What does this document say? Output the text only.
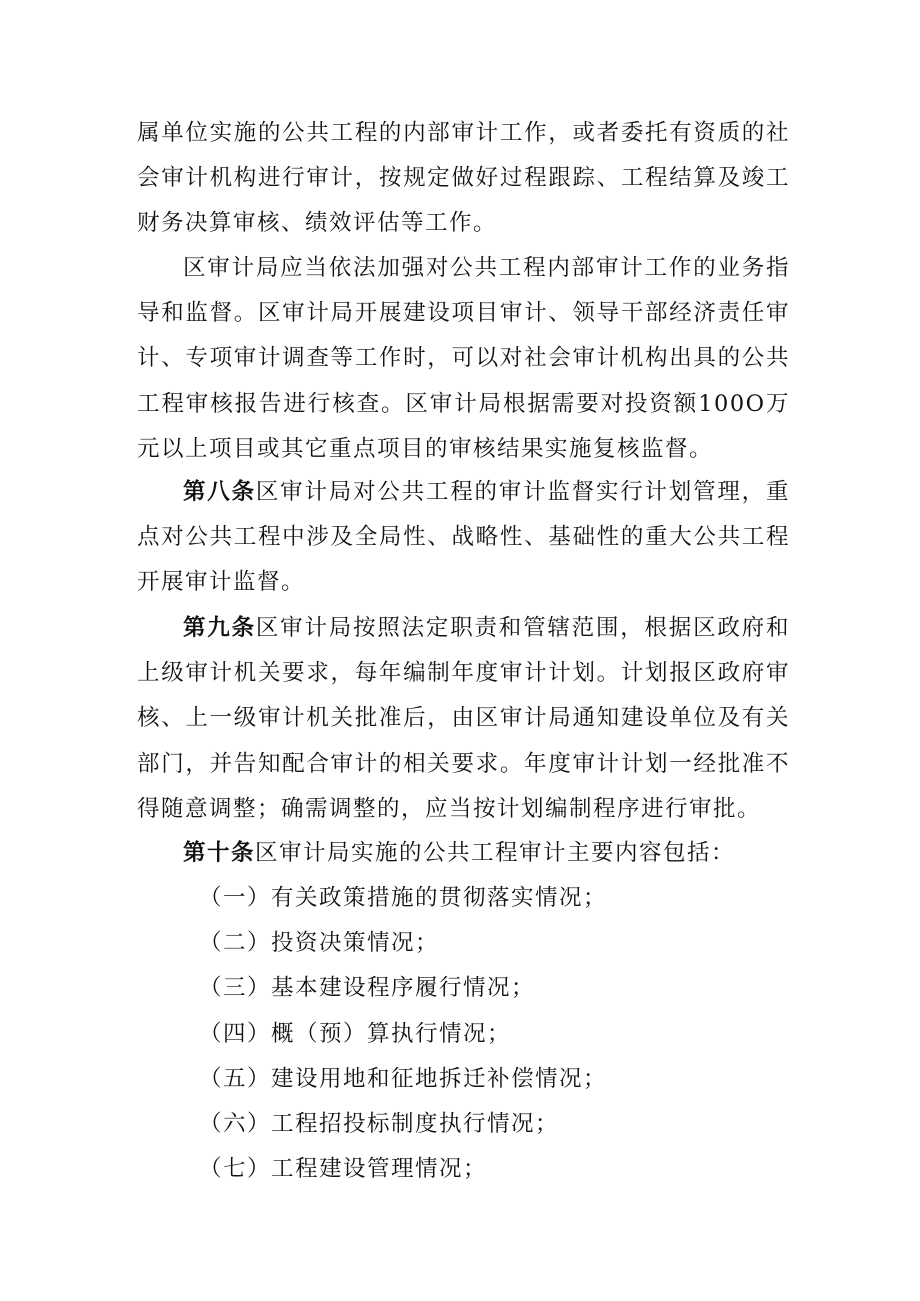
属单位实施的公共工程的内部审计工作，或者委托有资质的社会审计机构进行审计，按规定做好过程跟踪、工程结算及竣工财务决算审核、绩效评估等工作。

区审计局应当依法加强对公共工程内部审计工作的业务指导和监督。区审计局开展建设项目审计、领导干部经济责任审计、专项审计调查等工作时，可以对社会审计机构出具的公共工程审核报告进行核查。区审计局根据需要对投资额100O万元以上项目或其它重点项目的审核结果实施复核监督。

第八条区审计局对公共工程的审计监督实行计划管理，重点对公共工程中涉及全局性、战略性、基础性的重大公共工程开展审计监督。

第九条区审计局按照法定职责和管辖范围，根据区政府和上级审计机关要求，每年编制年度审计计划。计划报区政府审核、上一级审计机关批准后，由区审计局通知建设单位及有关部门，并告知配合审计的相关要求。年度审计计划一经批准不得随意调整；确需调整的，应当按计划编制程序进行审批。

第十条区审计局实施的公共工程审计主要内容包括：

（一）有关政策措施的贯彻落实情况；
（二）投资决策情况；
（三）基本建设程序履行情况；
（四）概（预）算执行情况；
（五）建设用地和征地拆迁补偿情况；
（六）工程招投标制度执行情况；
（七）工程建设管理情况；
